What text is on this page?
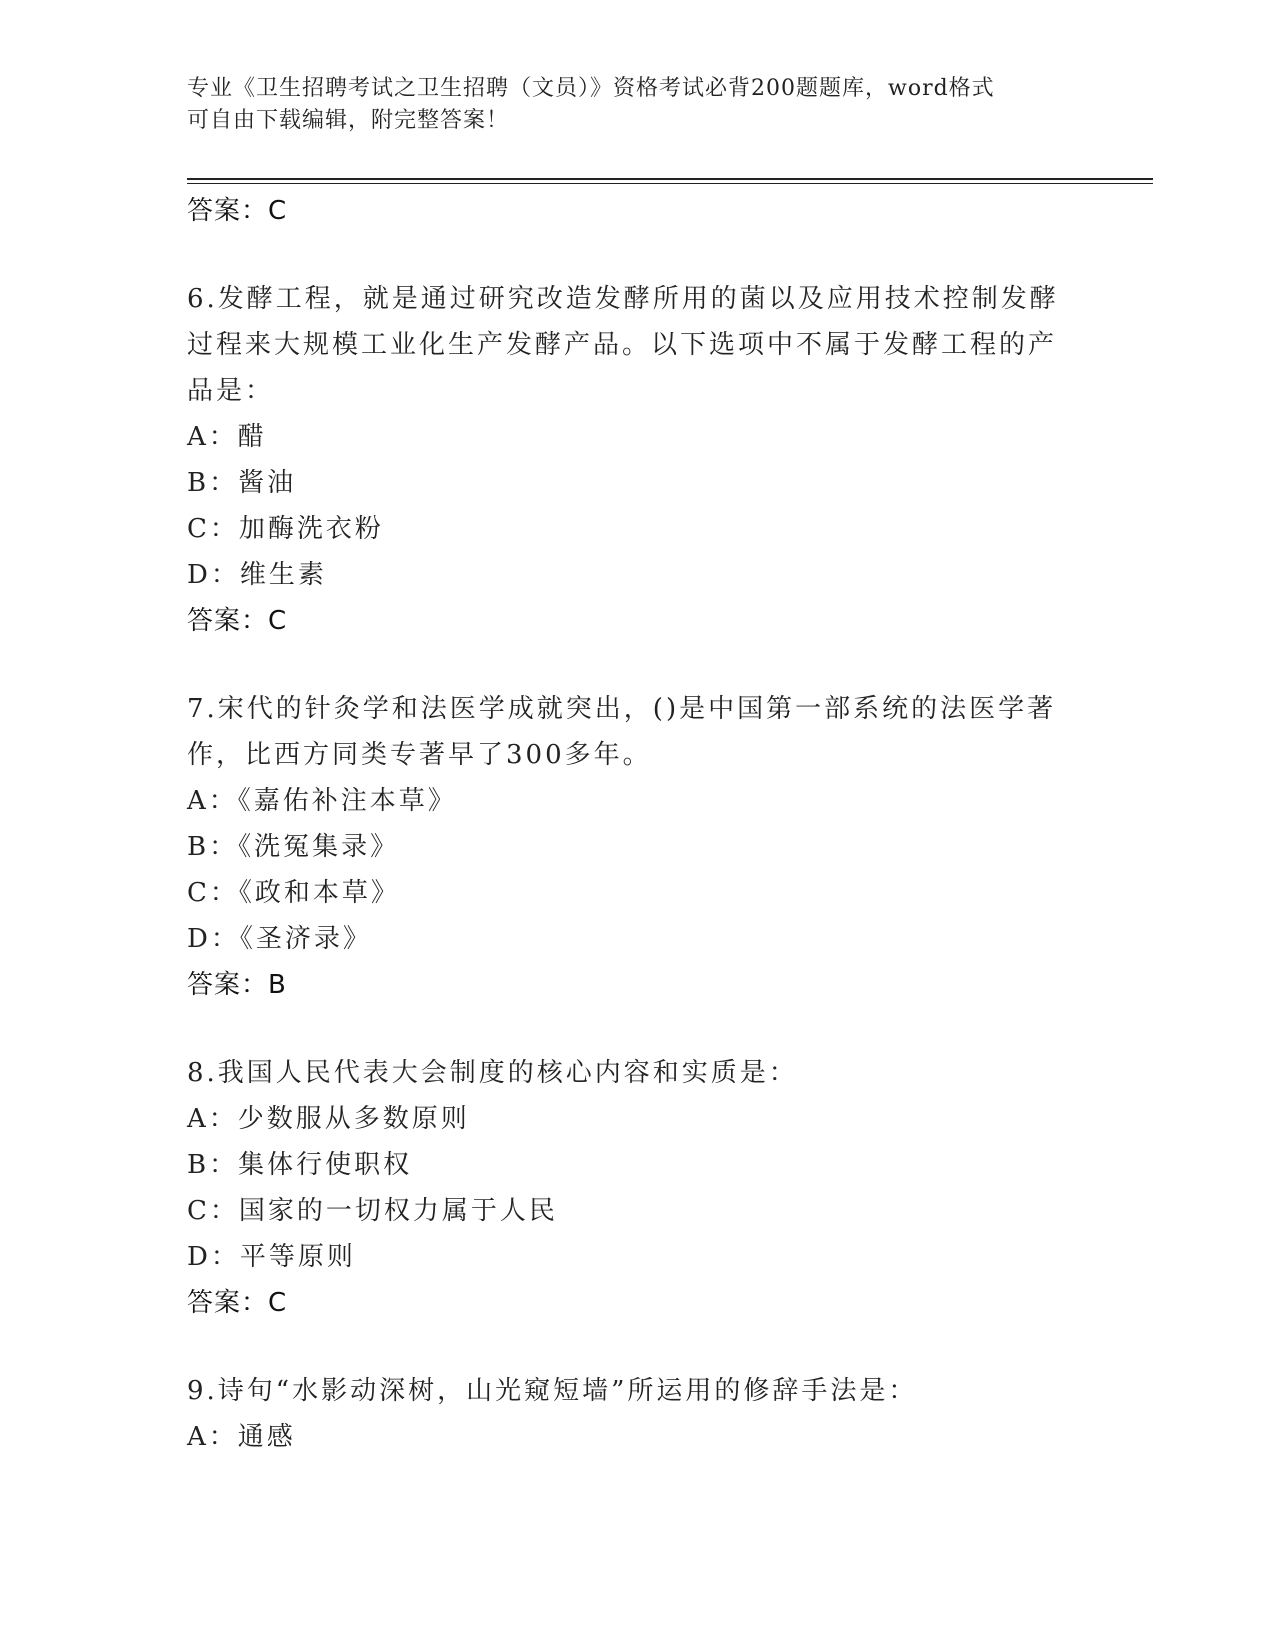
专业《卫生招聘考试之卫生招聘（文员）》资格考试必背200题题库，word格式
可自由下载编辑，附完整答案！
答案：C
6.发酵工程，就是通过研究改造发酵所用的菌以及应用技术控制发酵过程来大规模工业化生产发酵产品。以下选项中不属于发酵工程的产品是：
A：醋
B：酱油
C：加酶洗衣粉
D：维生素
答案：C
7.宋代的针灸学和法医学成就突出，()是中国第一部系统的法医学著作，比西方同类专著早了300多年。
A：《嘉佑补注本草》
B：《洗冤集录》
C：《政和本草》
D：《圣济录》
答案：B
8.我国人民代表大会制度的核心内容和实质是：
A：少数服从多数原则
B：集体行使职权
C：国家的一切权力属于人民
D：平等原则
答案：C
9.诗句“水影动深树，山光窥短墙”所运用的修辞手法是：
A：通感
